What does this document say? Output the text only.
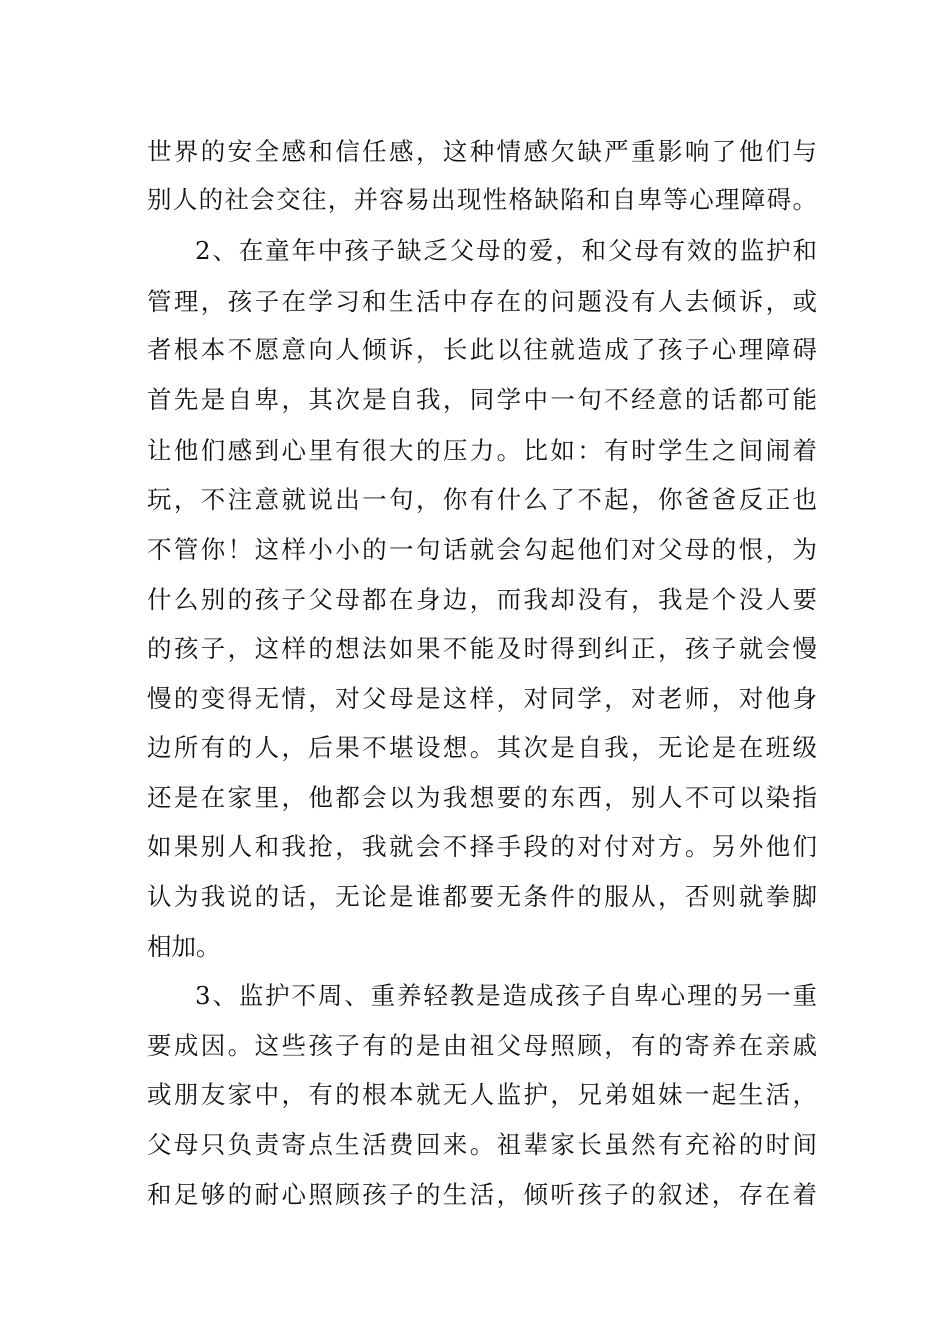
世界的安全感和信任感，这种情感欠缺严重影响了他们与
别人的社会交往，并容易出现性格缺陷和自卑等心理障碍。
2、在童年中孩子缺乏父母的爱，和父母有效的监护和
管理，孩子在学习和生活中存在的问题没有人去倾诉，或
者根本不愿意向人倾诉，长此以往就造成了孩子心理障碍
首先是自卑，其次是自我，同学中一句不经意的话都可能
让他们感到心里有很大的压力。比如：有时学生之间闹着
玩，不注意就说出一句，你有什么了不起，你爸爸反正也
不管你！这样小小的一句话就会勾起他们对父母的恨，为
什么别的孩子父母都在身边，而我却没有，我是个没人要
的孩子，这样的想法如果不能及时得到纠正，孩子就会慢
慢的变得无情，对父母是这样，对同学，对老师，对他身
边所有的人，后果不堪设想。其次是自我，无论是在班级
还是在家里，他都会以为我想要的东西，别人不可以染指
如果别人和我抢，我就会不择手段的对付对方。另外他们
认为我说的话，无论是谁都要无条件的服从，否则就拳脚
相加。
3、监护不周、重养轻教是造成孩子自卑心理的另一重
要成因。这些孩子有的是由祖父母照顾，有的寄养在亲戚
或朋友家中，有的根本就无人监护，兄弟姐妹一起生活，
父母只负责寄点生活费回来。祖辈家长虽然有充裕的时间
和足够的耐心照顾孩子的生活，倾听孩子的叙述，存在着
